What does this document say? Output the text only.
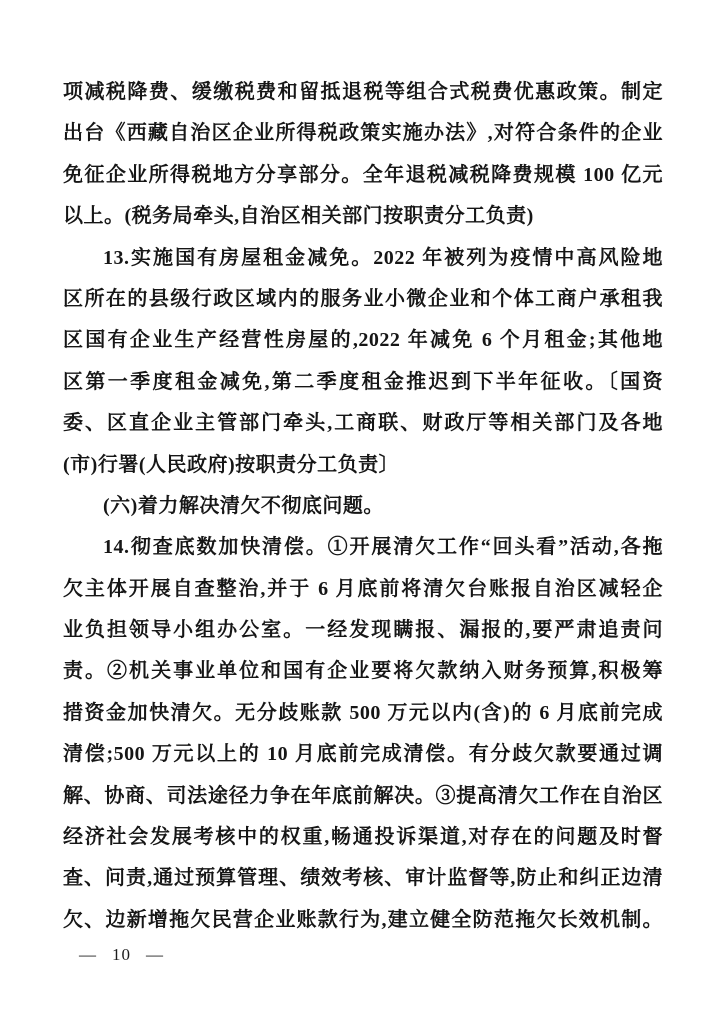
项减税降费、缓缴税费和留抵退税等组合式税费优惠政策。制定
出台《西藏自治区企业所得税政策实施办法》,对符合条件的企业
免征企业所得税地方分享部分。全年退税减税降费规模 100 亿元
以上。(税务局牵头,自治区相关部门按职责分工负责)
13.实施国有房屋租金减免。2022 年被列为疫情中高风险地
区所在的县级行政区域内的服务业小微企业和个体工商户承租我
区国有企业生产经营性房屋的,2022 年减免 6 个月租金;其他地
区第一季度租金减免,第二季度租金推迟到下半年征收。〔国资
委、区直企业主管部门牵头,工商联、财政厅等相关部门及各地
(市)行署(人民政府)按职责分工负责〕
(六)着力解决清欠不彻底问题。
14.彻查底数加快清偿。①开展清欠工作“回头看”活动,各拖
欠主体开展自查整治,并于 6 月底前将清欠台账报自治区减轻企
业负担领导小组办公室。一经发现瞒报、漏报的,要严肃追责问
责。②机关事业单位和国有企业要将欠款纳入财务预算,积极筹
措资金加快清欠。无分歧账款 500 万元以内(含)的 6 月底前完成
清偿;500 万元以上的 10 月底前完成清偿。有分歧欠款要通过调
解、协商、司法途径力争在年底前解决。③提高清欠工作在自治区
经济社会发展考核中的权重,畅通投诉渠道,对存在的问题及时督
查、问责,通过预算管理、绩效考核、审计监督等,防止和纠正边清
欠、边新增拖欠民营企业账款行为,建立健全防范拖欠长效机制。
— 10 —
